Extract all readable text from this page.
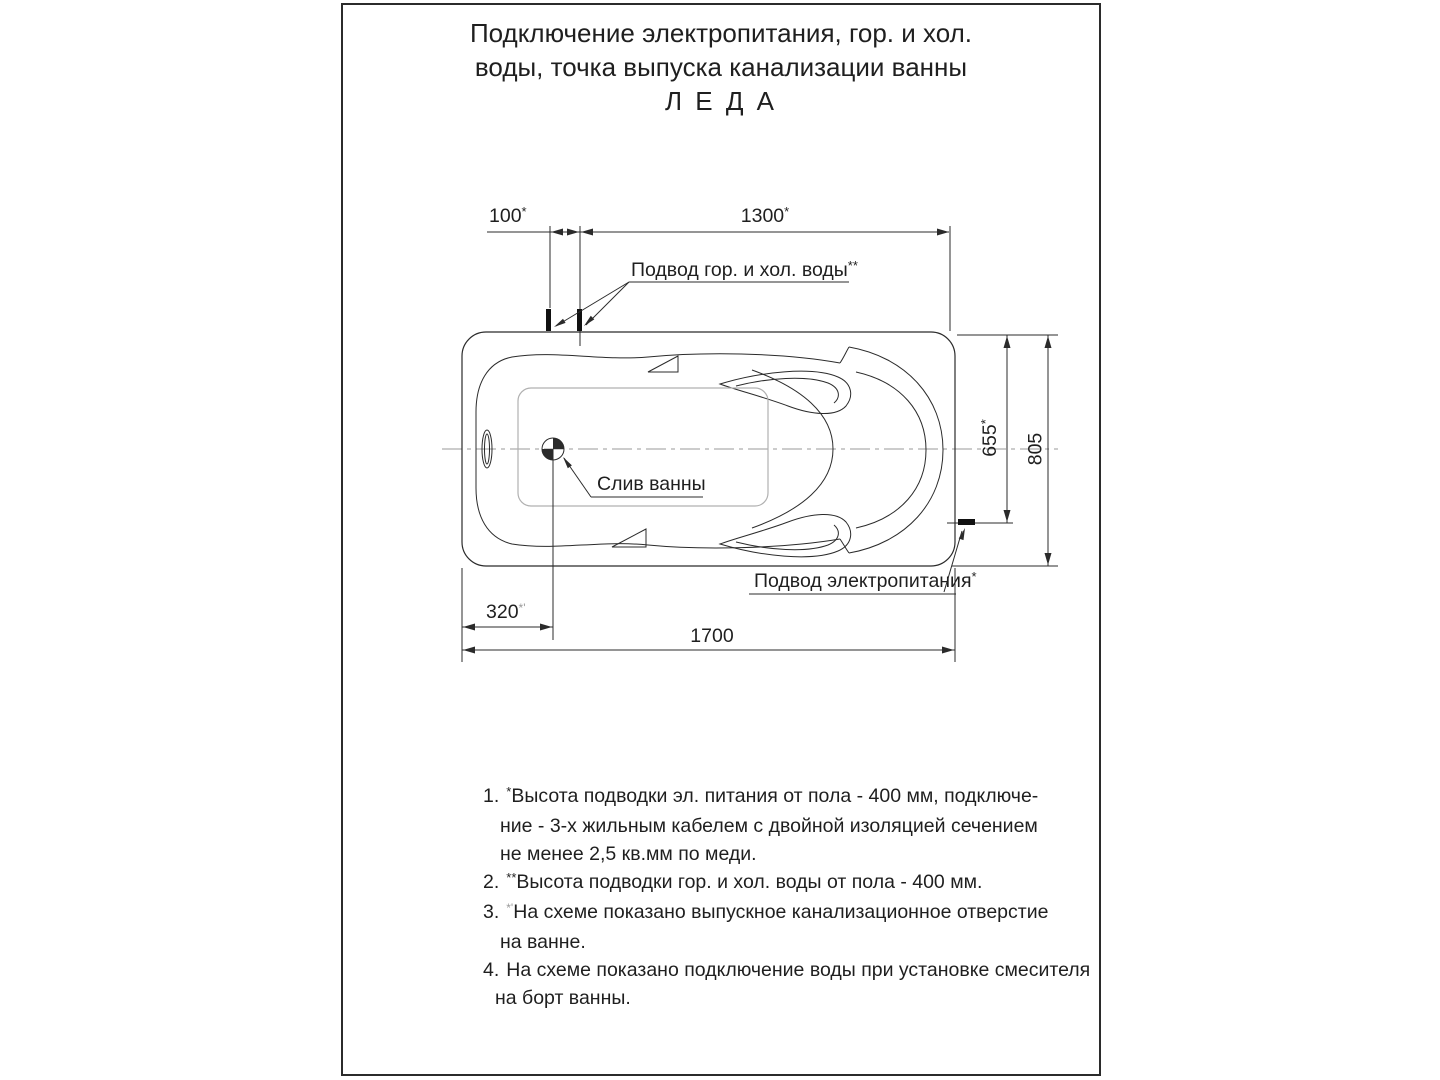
Подключение электропитания, гор. и хол.
воды, точка выпуска канализации ванны
Л Е Д А
100*	1300*
655*
805
320*'
1700
Подвод гор. и хол. воды**
Слив ванны
Подвод электропитания*
1. *Высота подводки эл. питания от пола - 400 мм, подключе-
ние - 3-х жильным кабелем с двойной изоляцией сечением
не менее 2,5 кв.мм по меди.
2. **Высота подводки гор. и хол. воды от пола - 400 мм.
3. *'На схеме показано выпускное канализационное отверстие
на ванне.
4. На схеме показано подключение воды при установке смесителя
на борт ванны.
